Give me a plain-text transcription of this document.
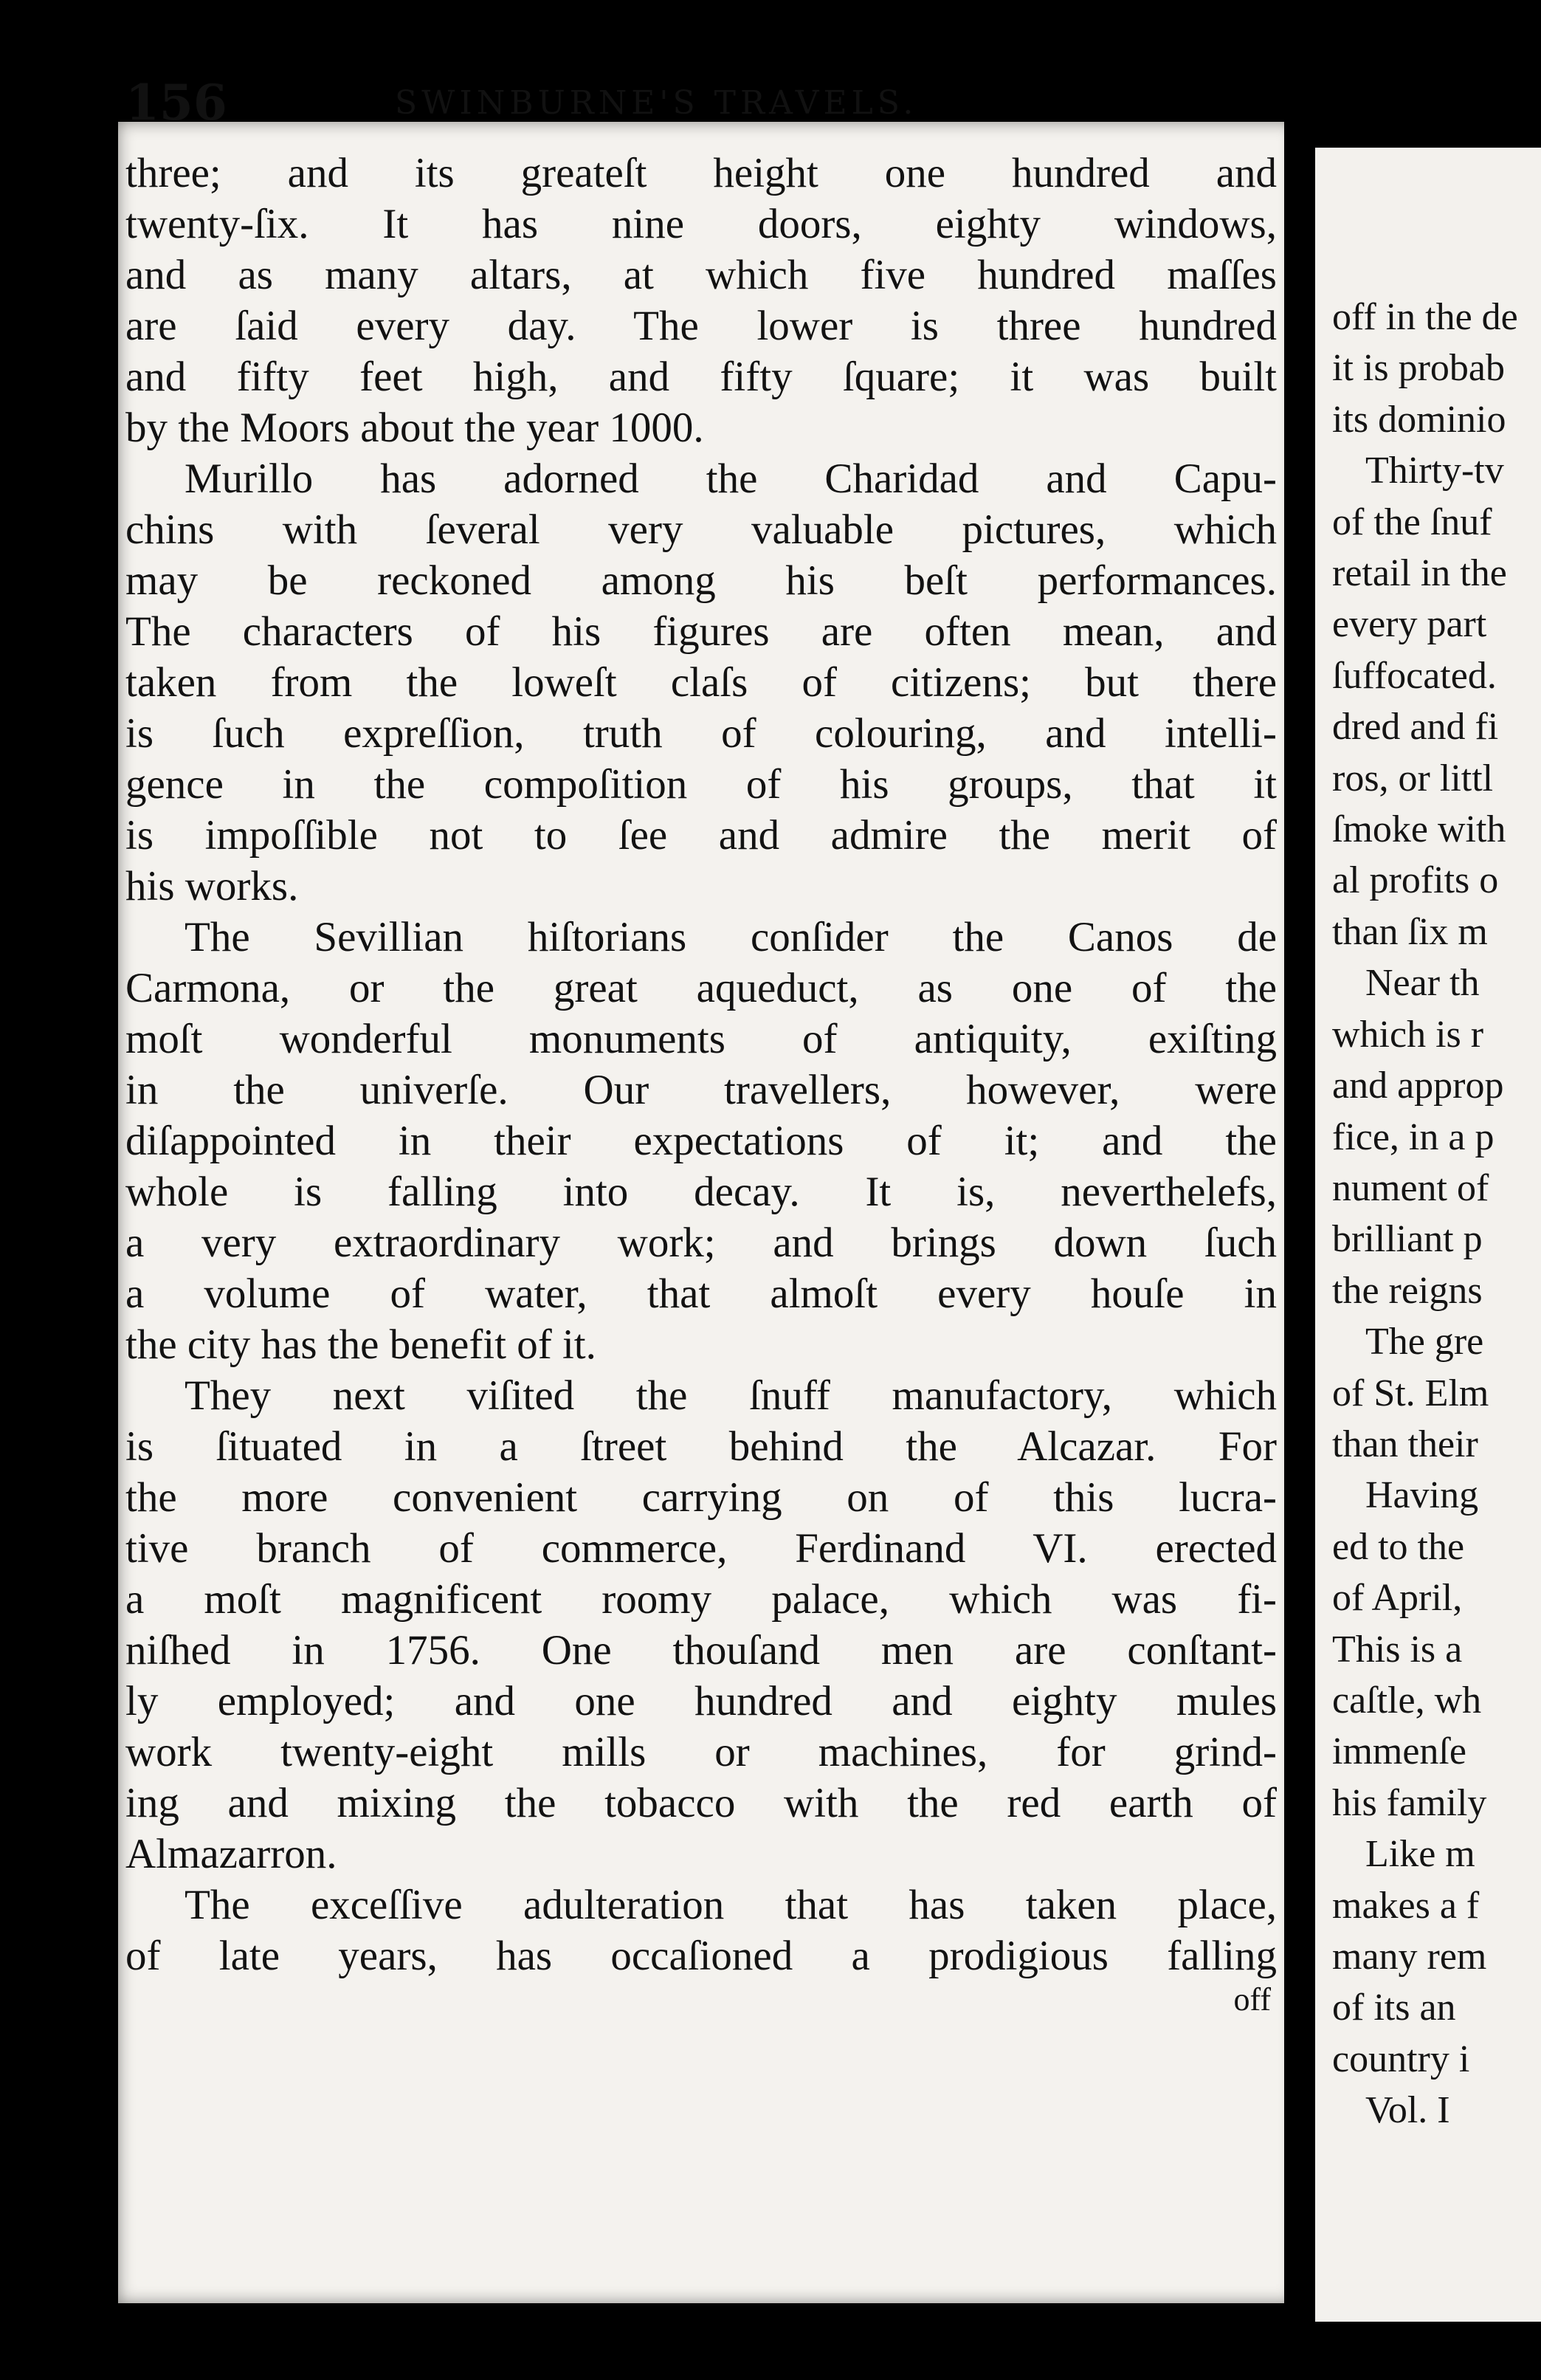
156	SWINBURNE'S TRAVELS.
three; and its greateſt height one hundred and
twenty-ſix. It has nine doors, eighty windows,
and as many altars, at which five hundred maſſes
are ſaid every day. The lower is three hundred
and fifty feet high, and fifty ſquare; it was built
by the Moors about the year 1000.
Murillo has adorned the Charidad and Capu-
chins with ſeveral very valuable pictures, which
may be reckoned among his beſt performances.
The characters of his figures are often mean, and
taken from the loweſt claſs of citizens; but there
is ſuch expreſſion, truth of colouring, and intelli-
gence in the compoſition of his groups, that it
is impoſſible not to ſee and admire the merit of
his works.
The Sevillian hiſtorians conſider the Canos de
Carmona, or the great aqueduct, as one of the
moſt wonderful monuments of antiquity, exiſting
in the univerſe. Our travellers, however, were
diſappointed in their expectations of it; and the
whole is falling into decay. It is, neverthelefs,
a very extraordinary work; and brings down ſuch
a volume of water, that almoſt every houſe in
the city has the benefit of it.
They next viſited the ſnuff manufactory, which
is ſituated in a ſtreet behind the Alcazar. For
the more convenient carrying on of this lucra-
tive branch of commerce, Ferdinand VI. erected
a moſt magnificent roomy palace, which was fi-
niſhed in 1756. One thouſand men are conſtant-
ly employed; and one hundred and eighty mules
work twenty-eight mills or machines, for grind-
ing and mixing the tobacco with the red earth of
Almazarron.
The exceſſive adulteration that has taken place,
of late years, has occaſioned a prodigious falling
off
off in the de
it is probab
its dominio
Thirty-tv
of the ſnuf
retail in the
every part
ſuffocated.
dred and fi
ros, or littl
ſmoke with
al profits o
than ſix m
Near th
which is r
and approp
fice, in a p
nument of
brilliant p
the reigns
The gre
of St. Elm
than their
Having
ed to the
of April,
This is a
caſtle, wh
immenſe
his family
Like m
makes a f
many rem
of its an
country i
Vol. I
